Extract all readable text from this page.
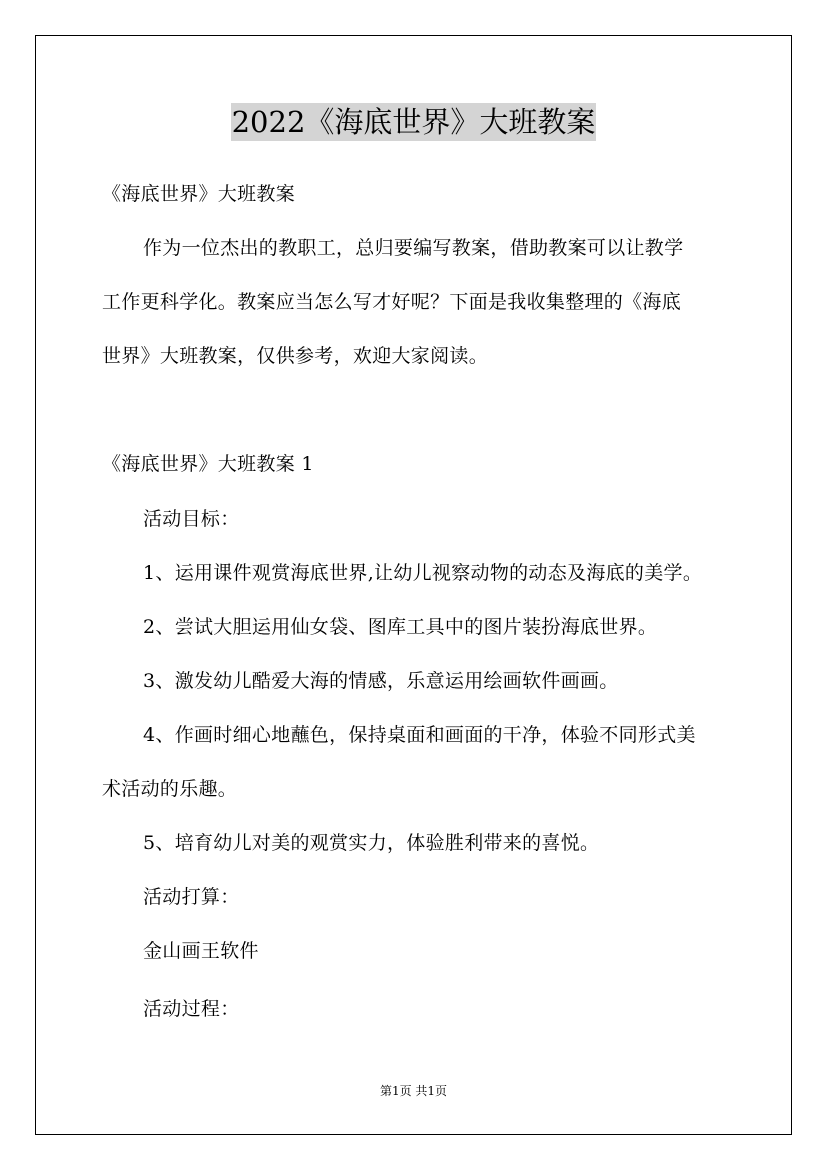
2022《海底世界》大班教案
《海底世界》大班教案
作为一位杰出的教职工，总归要编写教案，借助教案可以让教学
工作更科学化。教案应当怎么写才好呢？下面是我收集整理的《海底
世界》大班教案，仅供参考，欢迎大家阅读。
《海底世界》大班教案 1
活动目标：
1、运用课件观赏海底世界,让幼儿视察动物的动态及海底的美学。
2、尝试大胆运用仙女袋、图库工具中的图片装扮海底世界。
3、激发幼儿酷爱大海的情感，乐意运用绘画软件画画。
4、作画时细心地蘸色，保持桌面和画面的干净，体验不同形式美
术活动的乐趣。
5、培育幼儿对美的观赏实力，体验胜利带来的喜悦。
活动打算：
金山画王软件
活动过程：
第1页 共1页
